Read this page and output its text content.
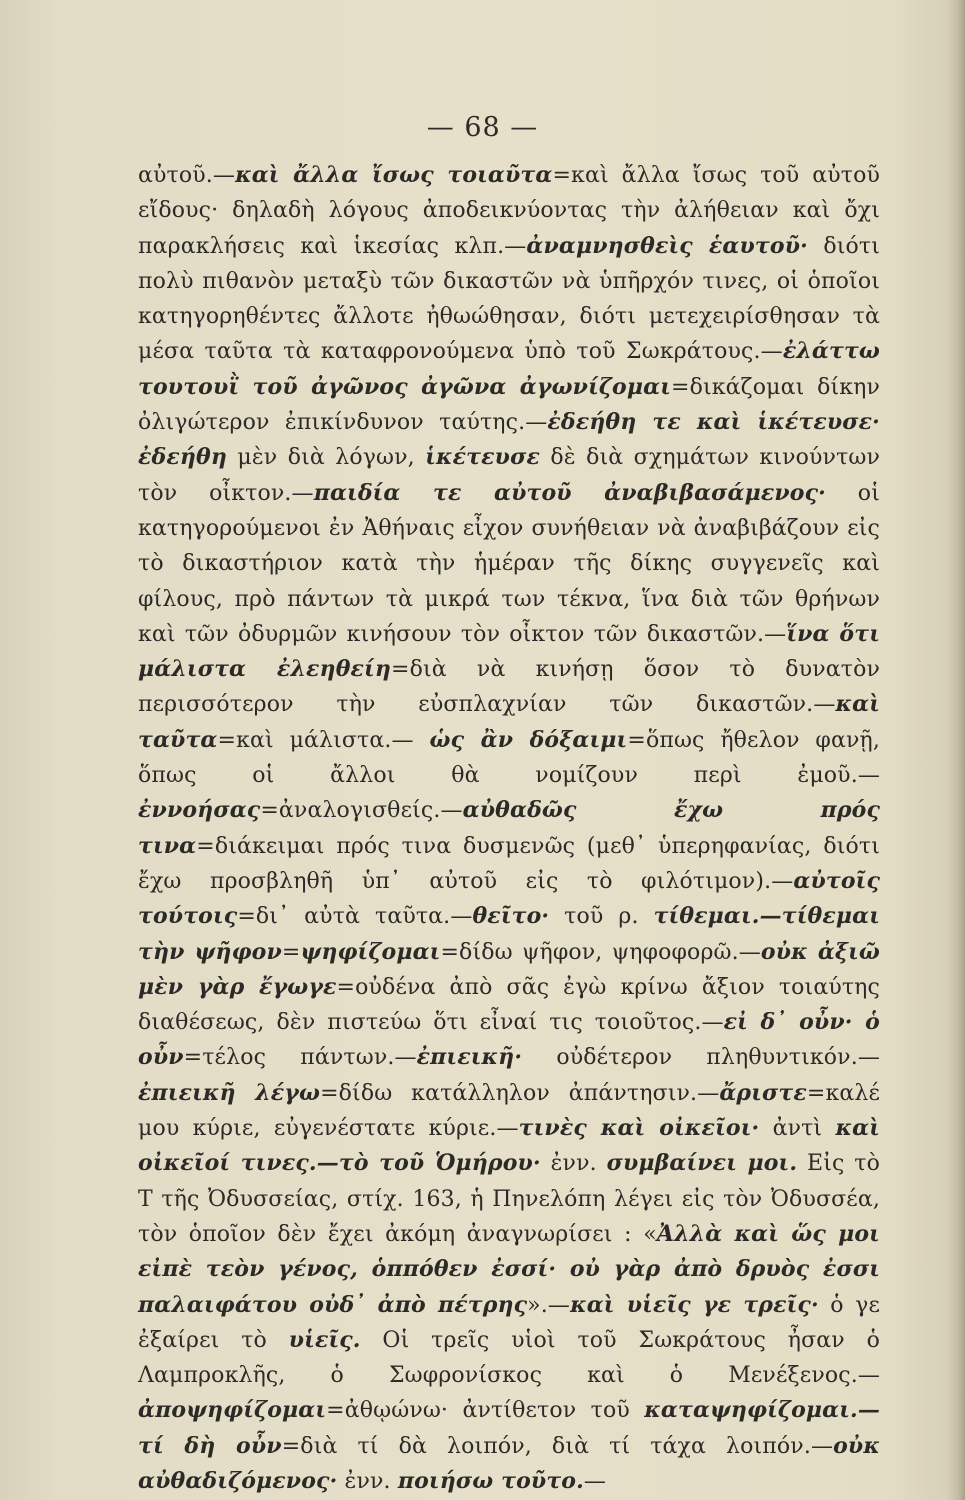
— 68 —

αὐτοῦ.—καὶ ἄλλα ἴσως τοιαῦτα=καὶ ἄλλα ἴσως τοῦ αὐτοῦ εἴδους· δηλαδὴ λόγους ἀποδεικνύοντας τὴν ἀλήθειαν καὶ ὄχι παρακλήσεις καὶ ἱκεσίας κλπ.—ἀναμνησθεὶς ἑαυτοῦ· διότι πολὺ πιθανὸν μεταξὺ τῶν δικαστῶν νὰ ὑπῆρχόν τινες, οἱ ὁποῖοι κατηγορηθέντες ἄλλοτε ἠθωώθησαν, διότι μετεχειρίσθησαν τὰ μέσα ταῦτα τὰ καταφρονούμενα ὑπὸ τοῦ Σωκράτους.—ἐλάττω τουτουῒ τοῦ ἀγῶνος ἀγῶνα ἀγωνίζομαι=δικάζομαι δίκην ὀλιγώτερον ἐπικίνδυνον ταύτης.—ἐδεήθη τε καὶ ἱκέτευσε· ἐδεήθη μὲν διὰ λόγων, ἱκέτευσε δὲ διὰ σχημάτων κινούντων τὸν οἶκτον.—παιδία τε αὐτοῦ ἀναβιβασάμενος· οἱ κατηγορούμενοι ἐν Ἀθήναις εἶχον συνήθειαν νὰ ἀναβιβάζουν εἰς τὸ δικαστήριον κατὰ τὴν ἡμέραν τῆς δίκης συγγενεῖς καὶ φίλους, πρὸ πάντων τὰ μικρά των τέκνα, ἵνα διὰ τῶν θρήνων καὶ τῶν ὀδυρμῶν κινήσουν τὸν οἶκτον τῶν δικαστῶν.—ἵνα ὅτι μάλιστα ἐλεηθείη=διὰ νὰ κινήσῃ ὅσον τὸ δυνατὸν περισσότερον τὴν εὐσπλαχνίαν τῶν δικαστῶν.—καὶ ταῦτα=καὶ μάλιστα.— ὡς ἂν δόξαιμι=ὅπως ἤθελον φανῇ, ὅπως οἱ ἄλλοι θὰ νομίζουν περὶ ἐμοῦ.—ἐννοήσας=ἀναλογισθείς.—αὐθαδῶς ἔχω πρός τινα=διάκειμαι πρός τινα δυσμενῶς (μεθ᾽ ὑπερηφανίας, διότι ἔχω προσβληθῆ ὑπ᾽ αὐτοῦ εἰς τὸ φιλότιμον).—αὐτοῖς τούτοις=δι᾽ αὐτὰ ταῦτα.—θεῖτο· τοῦ ρ. τίθεμαι.—τίθεμαι τὴν ψῆφον=ψηφίζομαι=δίδω ψῆφον, ψηφοφορῶ.—οὐκ ἀξιῶ μὲν γὰρ ἔγωγε=οὐδένα ἀπὸ σᾶς ἐγὼ κρίνω ἄξιον τοιαύτης διαθέσεως, δὲν πιστεύω ὅτι εἶναί τις τοιοῦτος.—εἰ δ᾽ οὖν· ὁ οὖν=τέλος πάντων.—ἐπιεικῆ· οὐδέτερον πληθυντικόν.—ἐπιεικῆ λέγω=δίδω κατάλληλον ἀπάντησιν.—ἄριστε=καλέ μου κύριε, εὐγενέστατε κύριε.—τινὲς καὶ οἰκεῖοι· ἀντὶ καὶ οἰκεῖοί τινες.—τὸ τοῦ Ὁμήρου· ἐνν. συμβαίνει μοι. Εἰς τὸ Τ τῆς Ὀδυσσείας, στίχ. 163, ἡ Πηνελόπη λέγει εἰς τὸν Ὀδυσσέα, τὸν ὁποῖον δὲν ἔχει ἀκόμη ἀναγνωρίσει : «Ἀλλὰ καὶ ὥς μοι εἰπὲ τεὸν γένος, ὁππόθεν ἐσσί· οὐ γὰρ ἀπὸ δρυὸς ἐσσι παλαιφάτου οὐδ᾽ ἀπὸ πέτρης».—καὶ υἱεῖς γε τρεῖς· ὁ γε ἐξαίρει τὸ υἱεῖς. Οἱ τρεῖς υἱοὶ τοῦ Σωκράτους ἦσαν ὁ Λαμπροκλῆς, ὁ Σωφρονίσκος καὶ ὁ Μενέξενος.—ἀποψηφίζομαι=ἀθῳώνω· ἀντίθετον τοῦ καταψηφίζομαι.—τί δὴ οὖν=διὰ τί δὰ λοιπόν, διὰ τί τάχα λοιπόν.—οὐκ αὐθαδιζόμενος· ἐνν. ποιήσω τοῦτο.—
